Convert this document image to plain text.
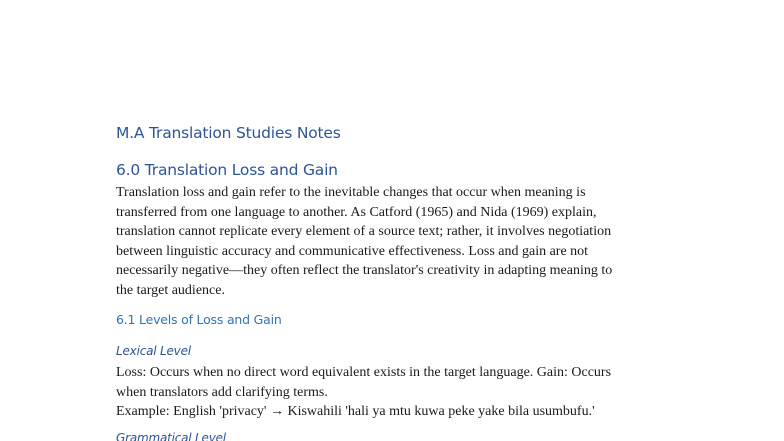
M.A Translation Studies Notes
6.0 Translation Loss and Gain

Translation loss and gain refer to the inevitable changes that occur when meaning is
transferred from one language to another. As Catford (1965) and Nida (1969) explain,
translation cannot replicate every element of a source text; rather, it involves negotiation
between linguistic accuracy and communicative effectiveness. Loss and gain are not
necessarily negative—they often reflect the translator's creativity in adapting meaning to
the target audience.

6.1 Levels of Loss and Gain
Lexical Level

Loss: Occurs when no direct word equivalent exists in the target language. Gain: Occurs
when translators add clarifying terms.
Example: English 'privacy' → Kiswahili 'hali ya mtu kuwa peke yake bila usumbufu.'

Grammatical Level
